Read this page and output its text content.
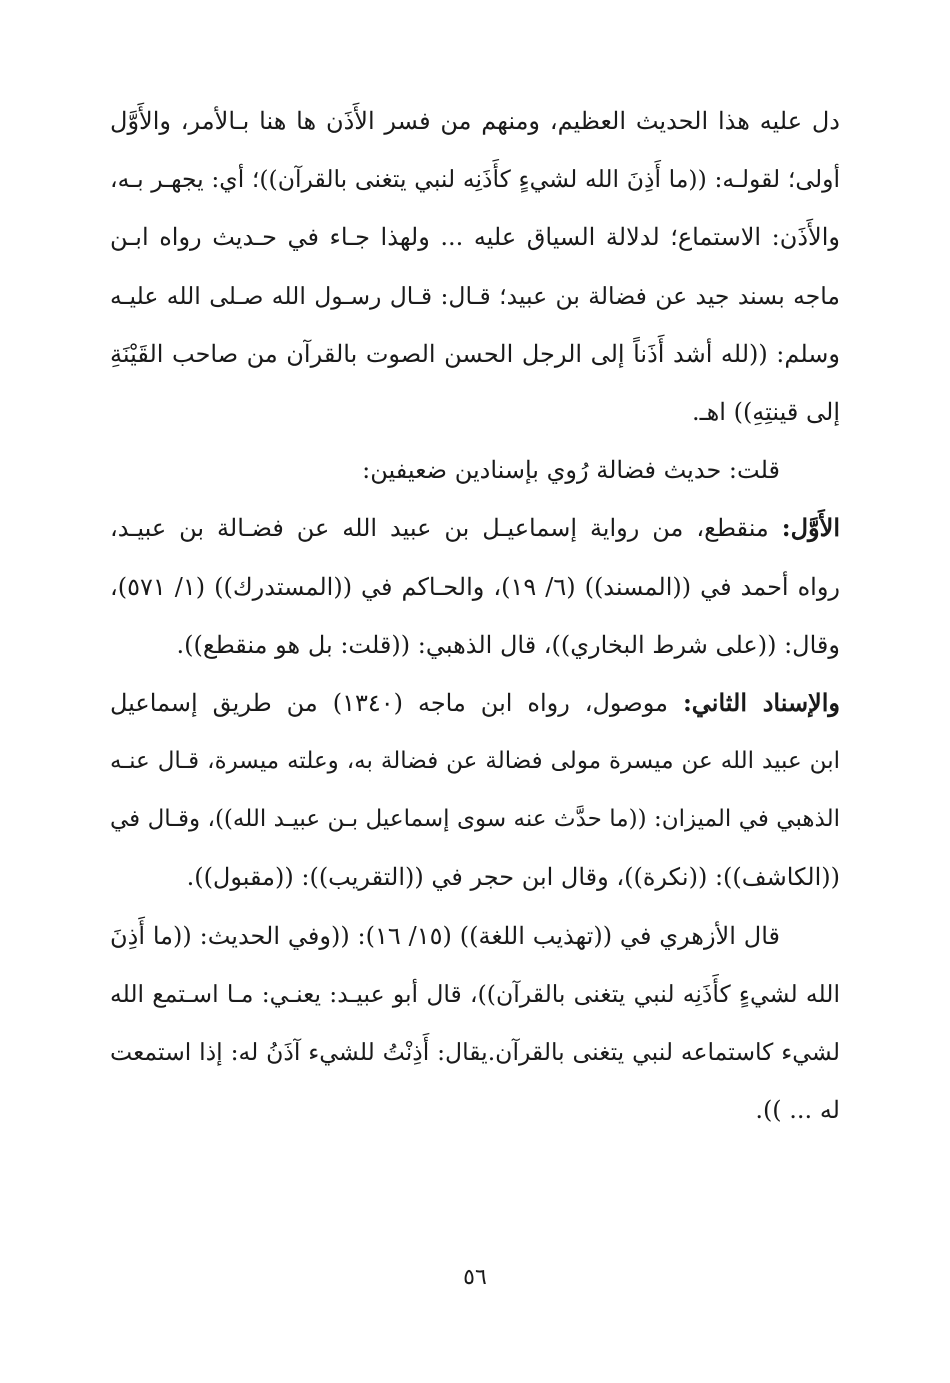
دل عليه هذا الحديث العظيم، ومنهم من فسر الأَذَن ها هنا بـالأمر، والأَوَّل
أولى؛ لقولـه: ((ما أَذِنَ الله لشيءٍ كأَذَنِه لنبي يتغنى بالقرآن))؛ أي: يجهـر بـه،
والأَذَن: الاستماع؛ لدلالة السياق عليه ... ولهذا جـاء في حـديث رواه ابـن
ماجه بسند جيد عن فضالة بن عبيد؛ قـال: قـال رسـول الله صـلى الله عليـه
وسلم: ((لله أشد أَذَناً إلى الرجل الحسن الصوت بالقرآن من صاحب القَيْنَةِ
إلى قينتِهِ)) اهـ.
قلت: حديث فضالة رُوي بإسنادين ضعيفين:
الأَوَّل: منقطع، من رواية إسماعيـل بن عبيد الله عن فضـالة بن عبيـد،
رواه أحمد في ((المسند)) (٦/ ١٩)، والحـاكم في ((المستدرك)) (١/ ٥٧١)،
وقال: ((على شرط البخاري))، قال الذهبي: ((قلت: بل هو منقطع)).
والإسناد الثاني: موصول، رواه ابن ماجه (١٣٤٠) من طريق إسماعيل
ابن عبيد الله عن ميسرة مولى فضالة عن فضالة به، وعلته ميسرة، قـال عنـه
الذهبي في الميزان: ((ما حدَّث عنه سوى إسماعيل بـن عبيـد الله))، وقـال في
((الكاشف)): ((نكرة))، وقال ابن حجر في ((التقريب)): ((مقبول)).
قال الأزهري في ((تهذيب اللغة)) (١٥/ ١٦): ((وفي الحديث: ((ما أَذِنَ
الله لشيءٍ كأَذَنِه لنبي يتغنى بالقرآن))، قال أبو عبيـد: يعنـي: مـا اسـتمع الله
لشيء كاستماعه لنبي يتغنى بالقرآن.يقال: أَذِنْتُ للشيء آذَنُ له: إذا استمعت
له ... )).
٥٦
